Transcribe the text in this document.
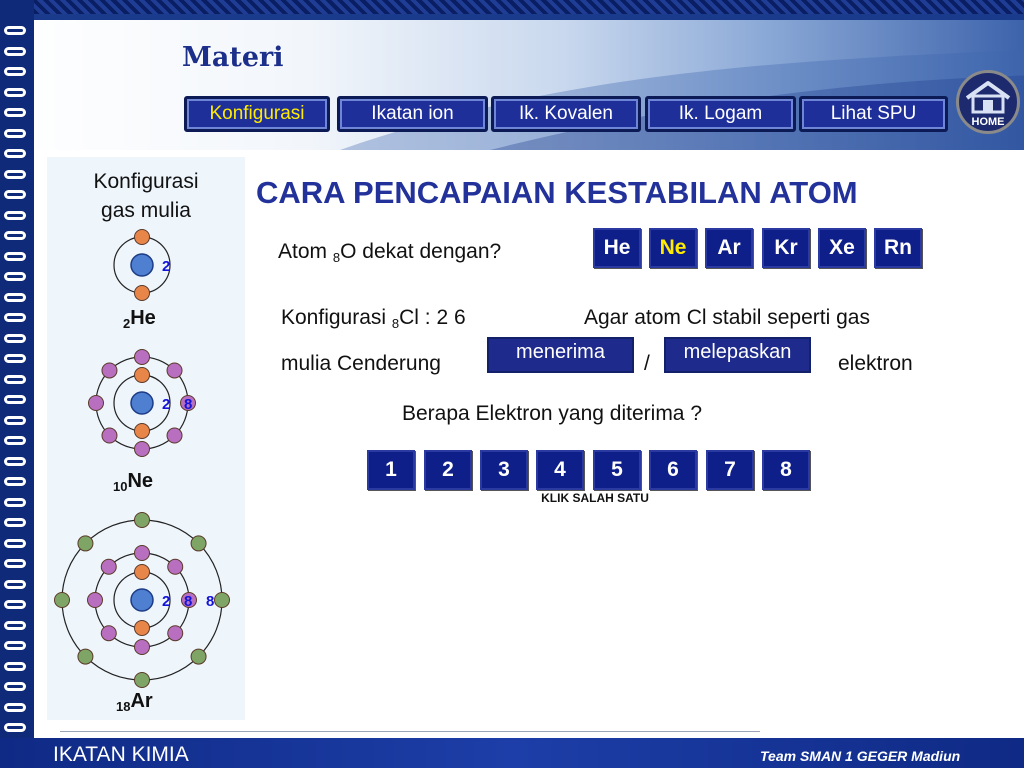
Materi
Konfigurasi	Ikatan ion	Ik. Kovalen	Ik. Logam	Lihat SPU	HOME
Konfigurasi
gas mulia
2
2 8
2 8 8
$_2$He
$_{10}$Ne
$_{18}$Ar
CARA PENCAPAIAN KESTABILAN ATOM
Atom $_8$O dekat dengan?	He	Ne	Ar	Kr	Xe	Rn
Konfigurasi $_8$Cl : 2 6	Agar atom Cl stabil seperti gas
mulia Cenderung	menerima	/	melepaskan	elektron
Berapa Elektron yang diterima ?
1	2	3	4	5	6	7	8
KLIK SALAH SATU
IKATAN KIMIA	Team SMAN 1 GEGER Madiun
